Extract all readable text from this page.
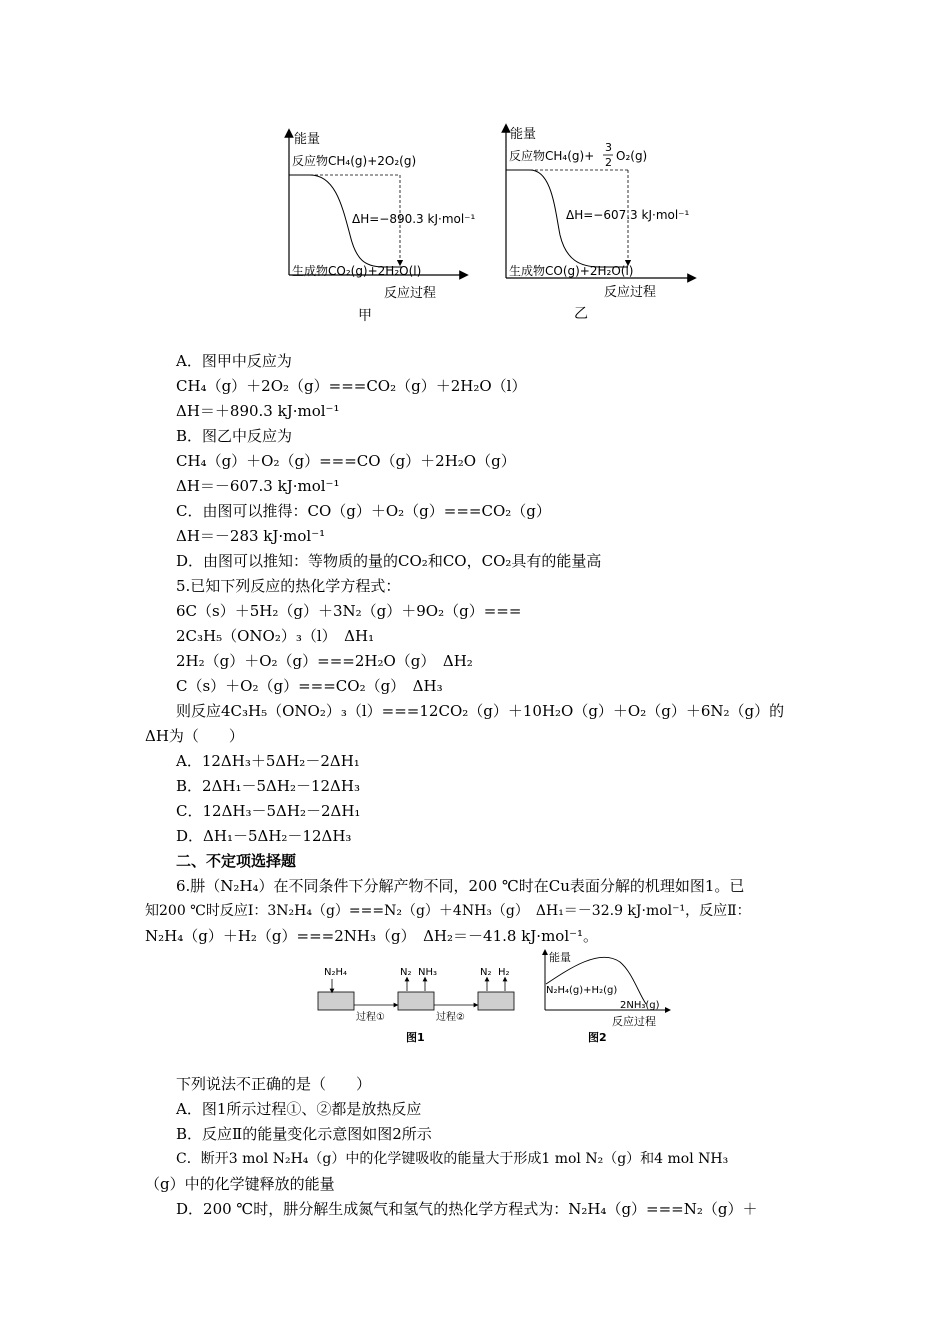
能量
反应物CH₄(g)+2O₂(g)
ΔH=−890.3 kJ·mol⁻¹
生成物CO₂(g)+2H₂O(l)
反应过程
甲
能量
反应物CH₄(g)+
3
2 O₂(g)
ΔH=−607.3 kJ·mol⁻¹
生成物CO(g)+2H₂O(l)
反应过程
乙
A．图甲中反应为
CH₄（g）＋2O₂（g）===CO₂（g）＋2H₂O（l）
ΔH＝＋890.3 kJ·mol⁻¹
B．图乙中反应为
CH₄（g）＋O₂（g）===CO（g）＋2H₂O（g）
ΔH＝－607.3 kJ·mol⁻¹
C．由图可以推得：CO（g）＋O₂（g）===CO₂（g）
ΔH＝－283 kJ·mol⁻¹
D．由图可以推知：等物质的量的CO₂和CO，CO₂具有的能量高
5.已知下列反应的热化学方程式：
6C（s）＋5H₂（g）＋3N₂（g）＋9O₂（g）===
2C₃H₅（ONO₂）₃（l）　ΔH₁
2H₂（g）＋O₂（g）===2H₂O（g）　ΔH₂
C（s）＋O₂（g）===CO₂（g）　ΔH₃
则反应4C₃H₅（ONO₂）₃（l）===12CO₂（g）＋10H₂O（g）＋O₂（g）＋6N₂（g）的
ΔH为（　　）
A．12ΔH₃＋5ΔH₂－2ΔH₁
B．2ΔH₁－5ΔH₂－12ΔH₃
C．12ΔH₃－5ΔH₂－2ΔH₁
D．ΔH₁－5ΔH₂－12ΔH₃
二、不定项选择题
6.肼（N₂H₄）在不同条件下分解产物不同，200 ℃时在Cu表面分解的机理如图1。已
知200 ℃时反应Ⅰ：3N₂H₄（g）===N₂（g）＋4NH₃（g）　ΔH₁＝－32.9 kJ·mol⁻¹，反应Ⅱ：
N₂H₄（g）＋H₂（g）===2NH₃（g）　ΔH₂＝－41.8 kJ·mol⁻¹。
N₂H₄	N₂ NH₃	N₂ H₂
过程①	过程②
图1
能量
N₂H₄(g)+H₂(g)
2NH₃(g)
反应过程
图2
下列说法不正确的是（　　）
A．图1所示过程①、②都是放热反应
B．反应Ⅱ的能量变化示意图如图2所示
C．断开3 mol N₂H₄（g）中的化学键吸收的能量大于形成1 mol N₂（g）和4 mol NH₃
（g）中的化学键释放的能量
D．200 ℃时，肼分解生成氮气和氢气的热化学方程式为：N₂H₄（g）===N₂（g）＋
